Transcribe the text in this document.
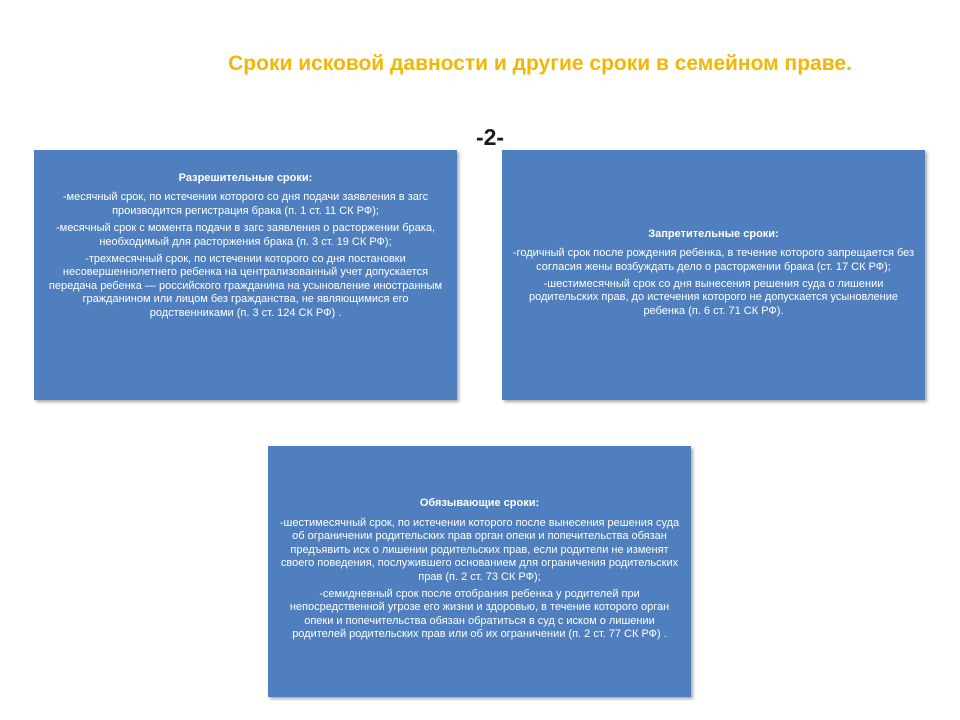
Сроки исковой давности и другие сроки в семейном праве.
-2-
Разрешительные сроки:

-месячный срок, по истечении которого со дня подачи заявления в загс производится регистрация брака (п. 1 ст. 11 СК РФ);

-месячный срок с момента подачи в загс заявления о расторжении брака, необходимый для расторжения брака (п. 3 ст. 19 СК РФ);

-трехмесячный срок, по истечении которого со дня постановки несовершеннолетнего ребенка на централизованный учет допускается передача ребенка — российского гражданина на усыновление иностранным гражданином или лицом без гражданства, не являющимися его родственниками (п. 3 ст. 124 СК РФ) .

Запретительные сроки:

-годичный срок после рождения ребенка, в течение которого запрещается без согласия жены возбуждать дело о расторжении брака (ст. 17 СК РФ);

-шестимесячный срок со дня вынесения решения суда о лишении родительских прав, до истечения которого не допускается усыновление ребенка (п. 6 ст. 71 СК РФ).

Обязывающие сроки:

-шестимесячный срок, по истечении которого после вынесения решения суда об ограничении родительских прав орган опеки и попечительства обязан предъявить иск о лишении родительских прав, если родители не изменят своего поведения, послужившего основанием для ограничения родительских прав (п. 2 ст. 73 СК РФ);

-семидневный срок после отобрания ребенка у родителей при непосредственной угрозе его жизни и здоровью, в течение которого орган опеки и попечительства обязан обратиться в суд с иском о лишении родителей родительских прав или об их ограничении (п. 2 ст. 77 СК РФ) .
